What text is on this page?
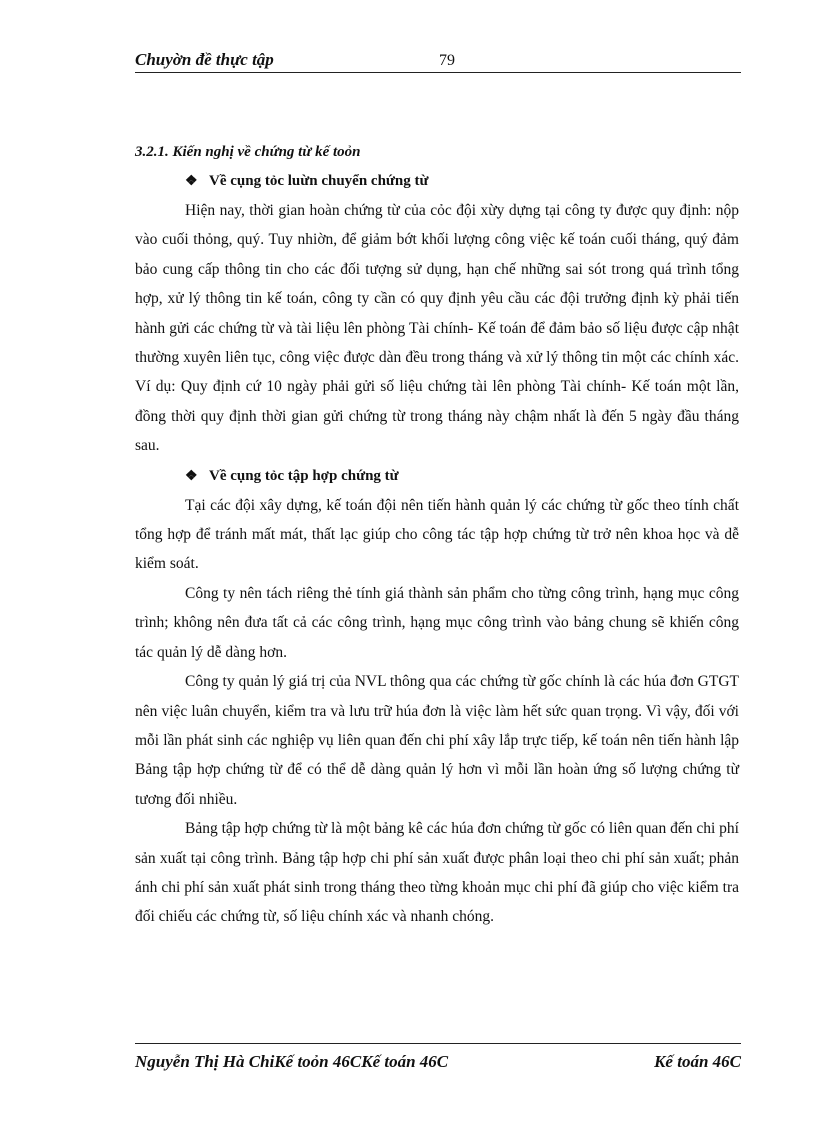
Chuyờn đề thực tập	79
3.2.1. Kiến nghị về chứng từ kế toỏn
❖ Về cụng tỏc luừn chuyển chứng từ

Hiện nay, thời gian hoàn chứng từ của cỏc đội xừy dựng tại công ty được quy định: nộp vào cuối thỏng, quý. Tuy nhiờn, để giảm bớt khối lượng công việc kế toán cuối tháng, quý đảm bảo cung cấp thông tin cho các đối tượng sử dụng, hạn chế những sai sót trong quá trình tổng hợp, xử lý thông tin kế toán, công ty cần có quy định yêu cầu các đội trưởng định kỳ phải tiến hành gửi các chứng từ và tài liệu lên phòng Tài chính- Kế toán để đảm bảo số liệu được cập nhật thường xuyên liên tục, công việc được dàn đều trong tháng và xử lý thông tin một các chính xác. Ví dụ: Quy định cứ 10 ngày phải gửi số liệu chứng tài lên phòng Tài chính- Kế toán một lần, đồng thời quy định thời gian gửi chứng từ trong tháng này chậm nhất là đến 5 ngày đầu tháng sau.

❖ Về cụng tỏc tập hợp chứng từ

Tại các đội xây dựng, kế toán đội nên tiến hành quản lý các chứng từ gốc theo tính chất tổng hợp để tránh mất mát, thất lạc giúp cho công tác tập hợp chứng từ trở nên khoa học và dễ kiểm soát.

Công ty nên tách riêng thẻ tính giá thành sản phẩm cho từng công trình, hạng mục công trình; không nên đưa tất cả các công trình, hạng mục công trình vào bảng chung sẽ khiến công tác quản lý dễ dàng hơn.

Công ty quản lý giá trị của NVL thông qua các chứng từ gốc chính là các húa đơn GTGT nên việc luân chuyển, kiểm tra và lưu trữ húa đơn là việc làm hết sức quan trọng. Vì vậy, đối với mỗi lần phát sinh các nghiệp vụ liên quan đến chi phí xây lắp trực tiếp, kế toán nên tiến hành lập Bảng tập hợp chứng từ để có thể dễ dàng quản lý hơn vì mỗi lần hoàn ứng số lượng chứng từ tương đối nhiều.

Bảng tập hợp chứng từ là một bảng kê các húa đơn chứng từ gốc có liên quan đến chi phí sản xuất tại công trình. Bảng tập hợp chi phí sản xuất được phân loại theo chi phí sản xuất; phản ánh chi phí sản xuất phát sinh trong tháng theo từng khoản mục chi phí đã giúp cho việc kiểm tra đối chiếu các chứng từ, số liệu chính xác và nhanh chóng.

Nguyễn Thị Hà ChiKế toỏn 46CKế toán 46C	Kế toán 46C
